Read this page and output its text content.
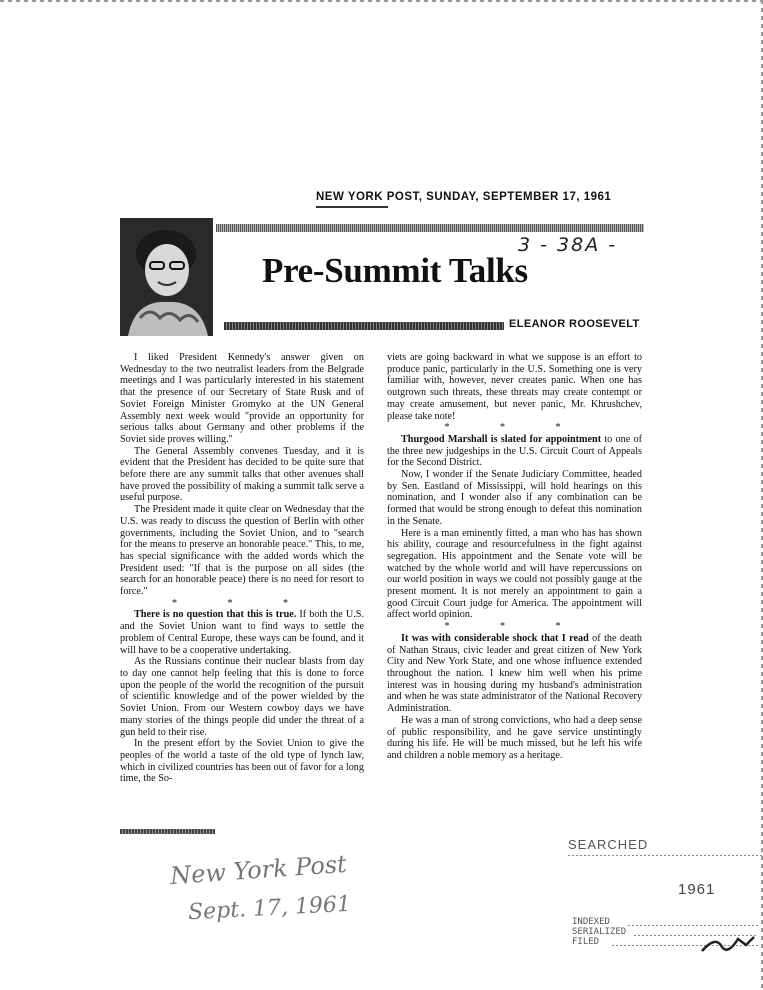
NEW YORK POST, SUNDAY, SEPTEMBER 17, 1961
3 - 38A -
Pre-Summit Talks
ELEANOR ROOSEVELT

I liked President Kennedy's answer given on Wednesday to the two neutralist leaders from the Belgrade meetings and I was particularly interested in his statement that the presence of our Secretary of State Rusk and of Soviet Foreign Minister Gromyko at the UN General Assembly next week would "provide an opportunity for serious talks about Germany and other problems if the Soviet side proves willing."

The General Assembly convenes Tuesday, and it is evident that the President has decided to be quite sure that before there are any summit talks that other avenues shall have proved the possibility of making a summit talk serve a useful purpose.

The President made it quite clear on Wednesday that the U.S. was ready to discuss the question of Berlin with other governments, including the Soviet Union, and to "search for the means to preserve an honorable peace." This, to me, has special significance with the added words which the President used: "If that is the purpose on all sides (the search for an honorable peace) there is no need for resort to force."

* * *

There is no question that this is true. If both the U.S. and the Soviet Union want to find ways to settle the problem of Central Europe, these ways can be found, and it will have to be a cooperative undertaking.

As the Russians continue their nuclear blasts from day to day one cannot help feeling that this is done to force upon the people of the world the recognition of the pursuit of scientific knowledge and of the power wielded by the Soviet Union. From our Western cowboy days we have many stories of the things people did under the threat of a gun held to their rise.

In the present effort by the Soviet Union to give the peoples of the world a taste of the old type of lynch law, which in civilized countries has been out of favor for a long time, the So-

viets are going backward in what we suppose is an effort to produce panic, particularly in the U.S. Something one is very familiar with, however, never creates panic. When one has outgrown such threats, these threats may create contempt or may create amusement, but never panic, Mr. Khrushchev, please take note!

* * *

Thurgood Marshall is slated for appointment to one of the three new judgeships in the U.S. Circuit Court of Appeals for the Second District.

Now, I wonder if the Senate Judiciary Committee, headed by Sen. Eastland of Mississippi, will hold hearings on this nomination, and I wonder also if any combination can be formed that would be strong enough to defeat this nomination in the Senate.

Here is a man eminently fitted, a man who has has shown his ability, courage and resourcefulness in the fight against segregation. His appointment and the Senate vote will be watched by the whole world and will have repercussions on our world position in ways we could not possibly gauge at the present moment. It is not merely an appointment to gain a good Circuit Court judge for America. The appointment will affect world opinion.

* * *

It was with considerable shock that I read of the death of Nathan Straus, civic leader and great citizen of New York City and New York State, and one whose influence extended throughout the nation. I knew him well when his prime interest was in housing during my husband's administration and when he was state administrator of the National Recovery Administration.

He was a man of strong convictions, who had a deep sense of public responsibility, and he gave service unstintingly during his life. He will be much missed, but he left his wife and children a noble memory as a heritage.

New York Post
Sept. 17, 1961
SEARCHED
1961
INDEXED
SERIALIZED
FILED
